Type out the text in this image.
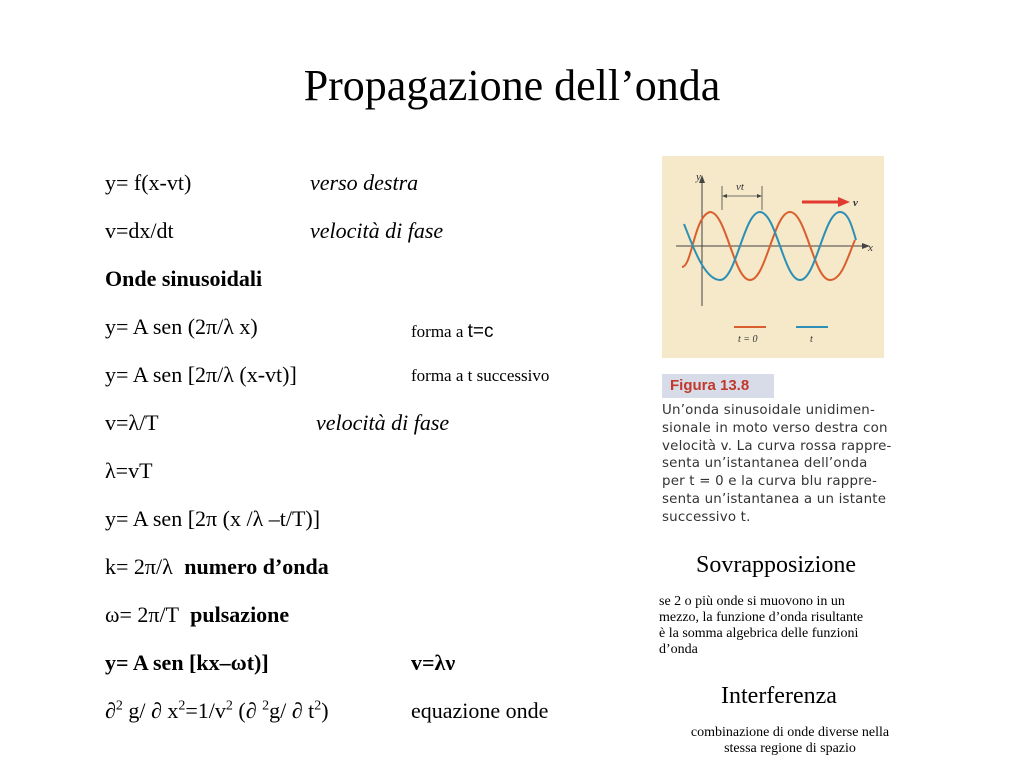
Propagazione dell’onda
y= f(x-vt)	verso destra
v=dx/dt	velocità di fase
Onde sinusoidali
y= A sen (2π/λ x)	forma a t=c
y= A sen [2π/λ (x-vt)]	forma a t successivo
v=λ/T	velocità di fase
λ=vT
y= A sen [2π (x /λ –t/T)]
k= 2π/λ numero d’onda
ω= 2π/T pulsazione
y= A sen [kx–ωt)]	v=λν
∂$^2$ g/ ∂ $x^2=1/v^2$ (∂ $^2$g/ ∂ $t^2$)	equazione onde
y
x
vt
v
t = 0	t
Figura 13.8
Un’onda sinusoidale unidimen-
sionale in moto verso destra con
velocità v. La curva rossa rappre-
senta un’istantanea dell’onda
per t = 0 e la curva blu rappre-
senta un’istantanea a un istante
successivo t.
Sovrapposizione
se 2 o più onde si muovono in un
mezzo, la funzione d’onda risultante
è la somma algebrica delle funzioni
d’onda
Interferenza
combinazione di onde diverse nella
stessa regione di spazio
